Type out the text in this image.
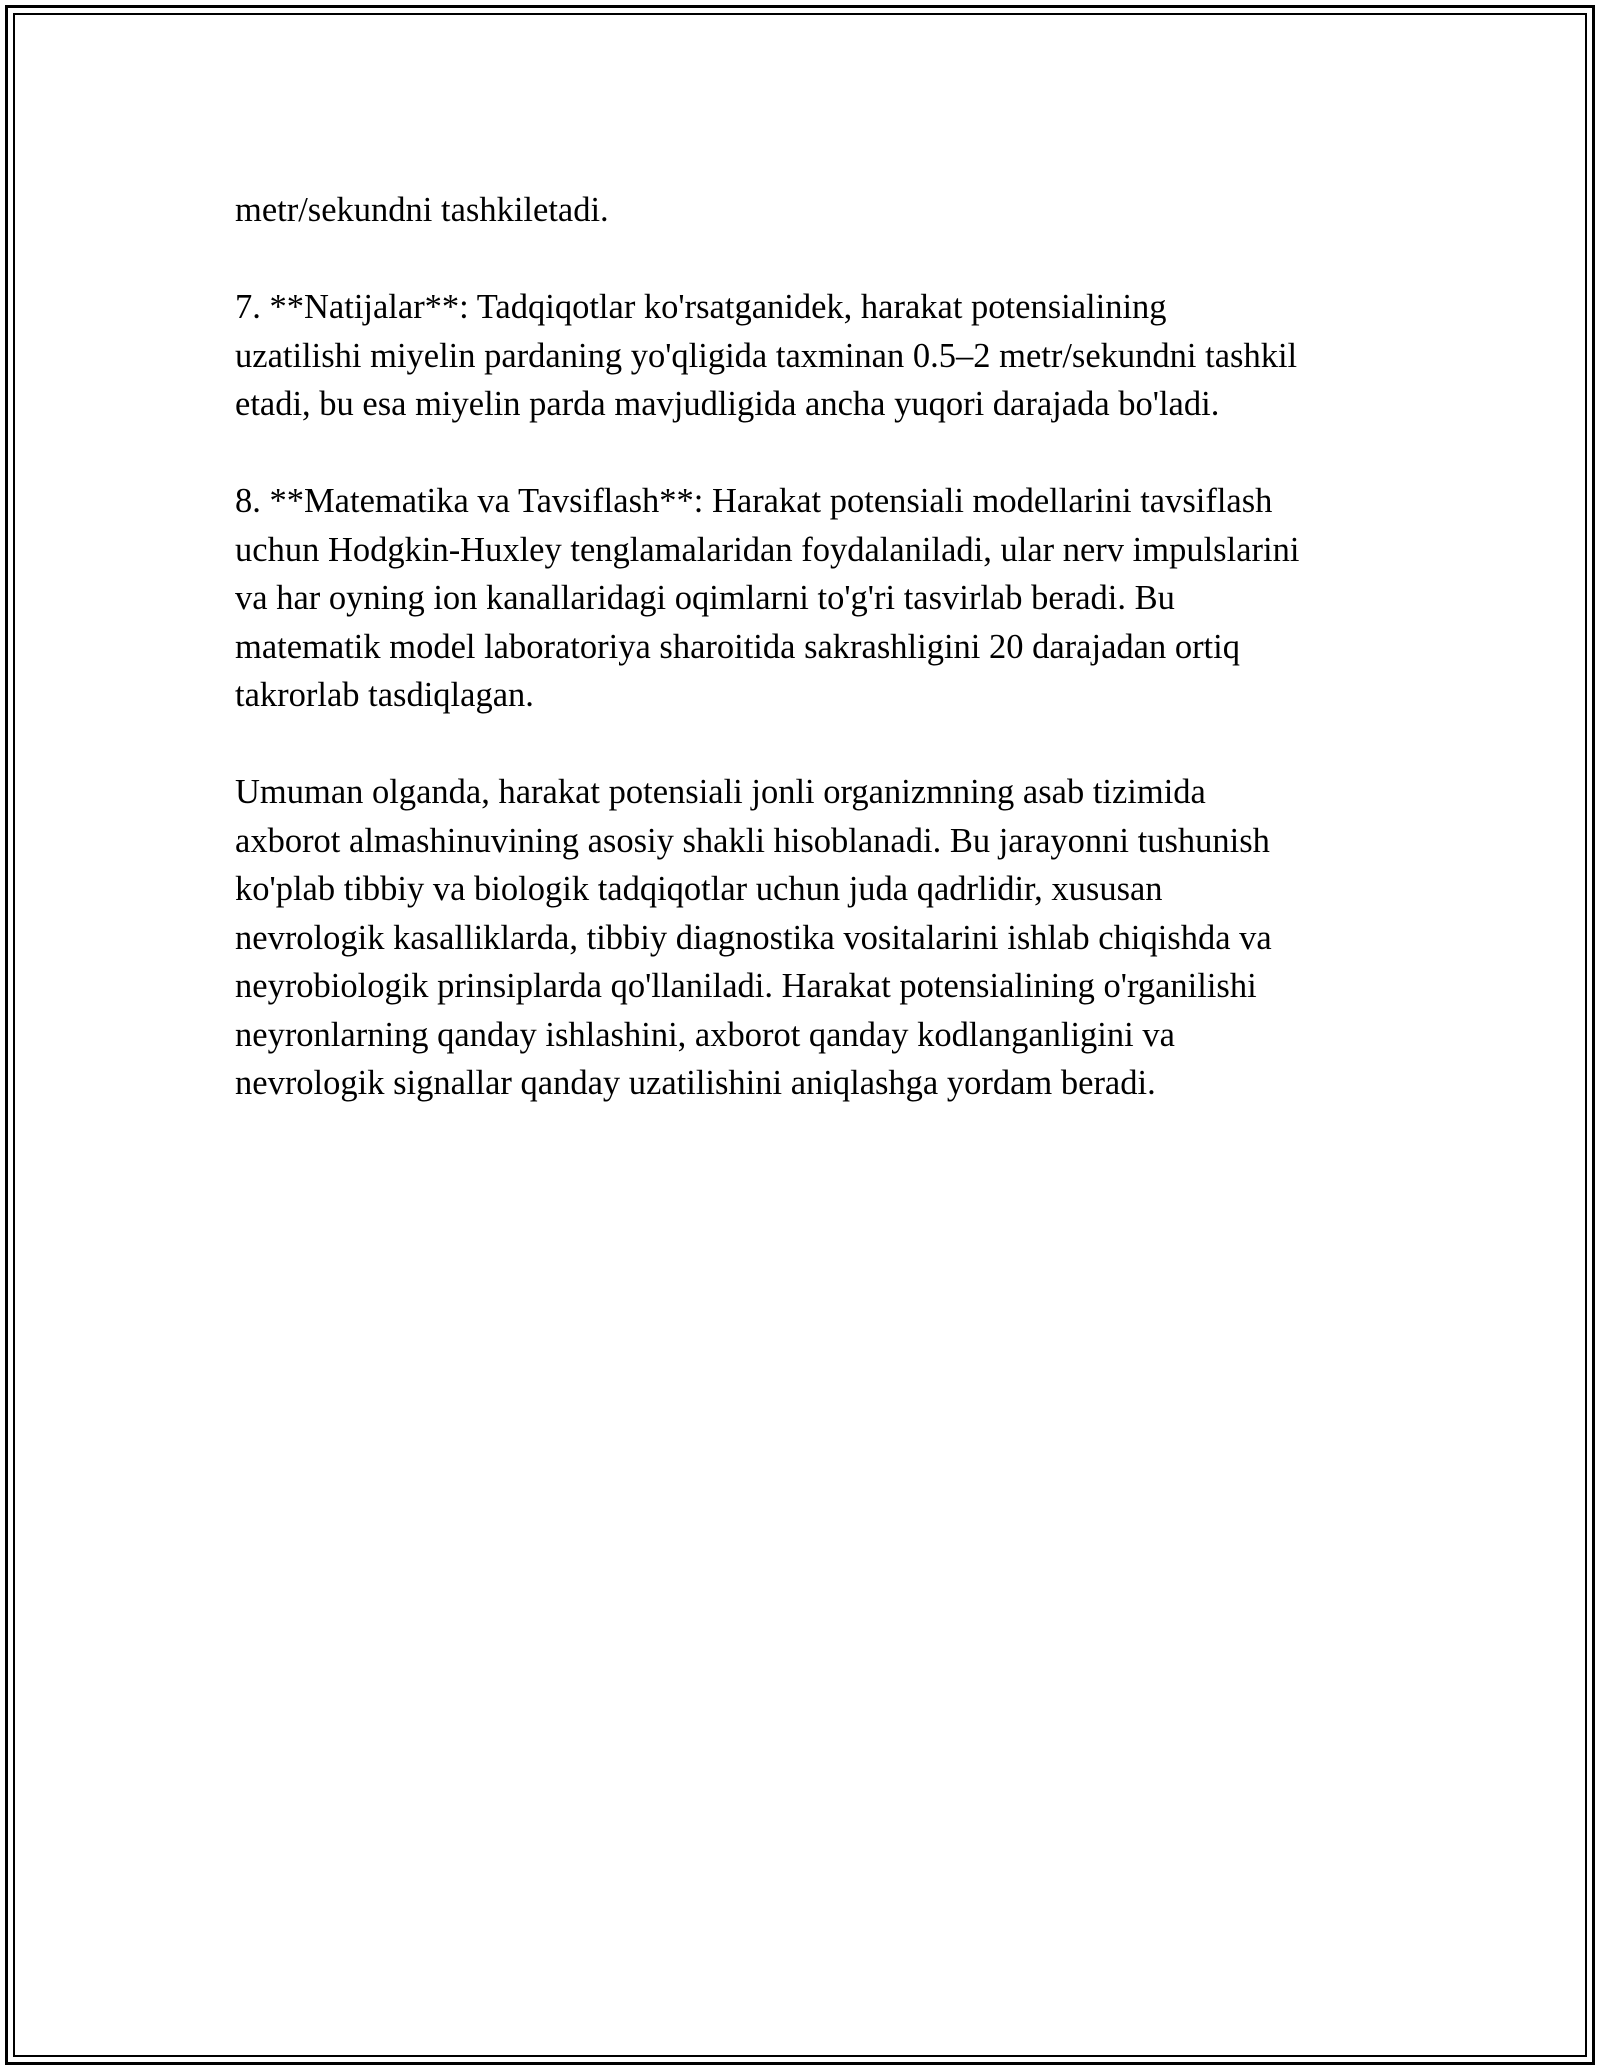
metr/sekundni tashkiletadi.

7. **Natijalar**: Tadqiqotlar ko'rsatganidek, harakat potensialining
uzatilishi miyelin pardaning yo'qligida taxminan 0.5–2 metr/sekundni tashkil
etadi, bu esa miyelin parda mavjudligida ancha yuqori darajada bo'ladi.

8. **Matematika va Tavsiflash**: Harakat potensiali modellarini tavsiflash
uchun Hodgkin-Huxley tenglamalaridan foydalaniladi, ular nerv impulslarini
va har oyning ion kanallaridagi oqimlarni to'g'ri tasvirlab beradi. Bu
matematik model laboratoriya sharoitida sakrashligini 20 darajadan ortiq
takrorlab tasdiqlagan.

Umuman olganda, harakat potensiali jonli organizmning asab tizimida
axborot almashinuvining asosiy shakli hisoblanadi. Bu jarayonni tushunish
ko'plab tibbiy va biologik tadqiqotlar uchun juda qadrlidir, xususan
nevrologik kasalliklarda, tibbiy diagnostika vositalarini ishlab chiqishda va
neyrobiologik prinsiplarda qo'llaniladi. Harakat potensialining o'rganilishi
neyronlarning qanday ishlashini, axborot qanday kodlanganligini va
nevrologik signallar qanday uzatilishini aniqlashga yordam beradi.
